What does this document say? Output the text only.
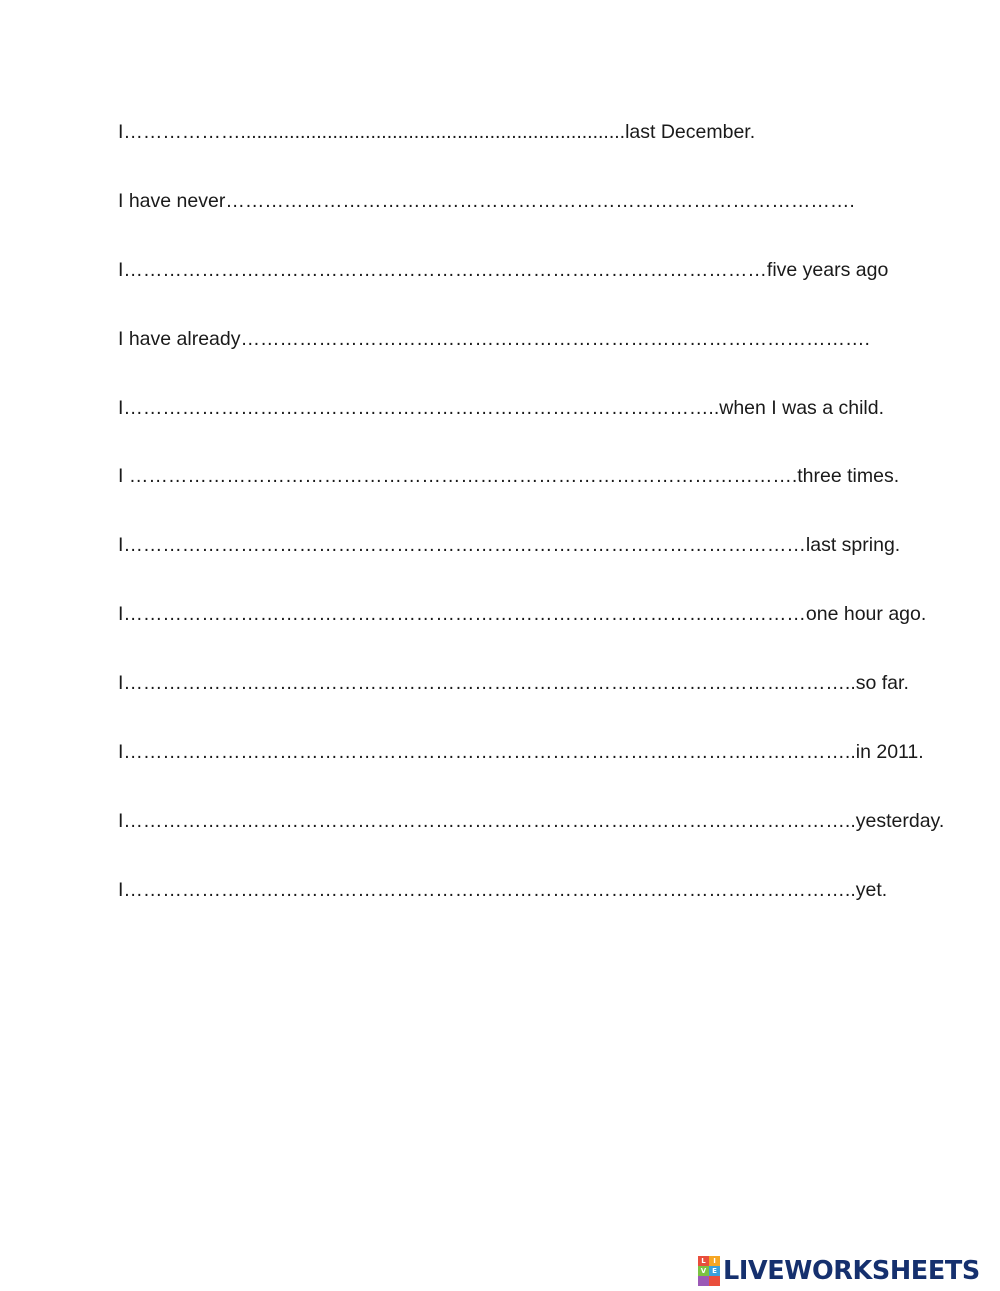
I……………….......................................................................last December.

I have never…………………………………………………………………………………….

I………………………………………………………………………………………five years ago

I have already…………………………………………………………………………………….

I………………………………………………………………………………..when I was a child.

I ………………………………………………………………………………………….three times.

I……………………………………………………………………………………………last spring.

I……………………………………………………………………………………………one hour ago.

I…………………………………………………………………………………………………..so far.

I…………………………………………………………………………………………………..in 2011.

I…………………………………………………………………………………………………..yesterday.

I…………………………………………………………………………………………………..yet.

L	I
V E LIVEWORKSHEETS
